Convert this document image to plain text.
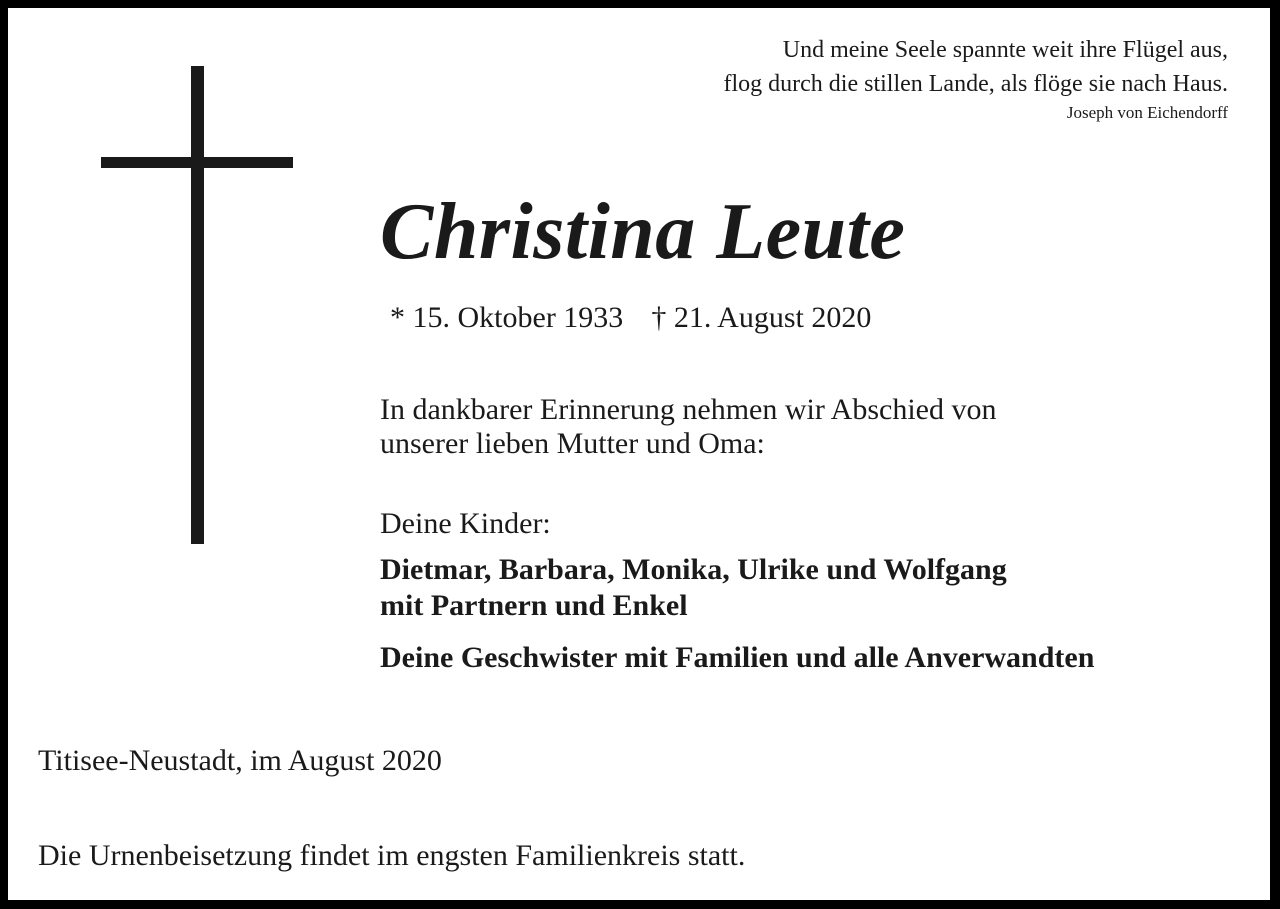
Und meine Seele spannte weit ihre Flügel aus,
flog durch die stillen Lande, als flöge sie nach Haus.
Joseph von Eichendorff
Christina Leute
* 15. Oktober 1933 † 21. August 2020
In dankbarer Erinnerung nehmen wir Abschied von
unserer lieben Mutter und Oma:
Deine Kinder:
Dietmar, Barbara, Monika, Ulrike und Wolfgang
mit Partnern und Enkel
Deine Geschwister mit Familien und alle Anverwandten
Titisee-Neustadt, im August 2020
Die Urnenbeisetzung findet im engsten Familienkreis statt.
